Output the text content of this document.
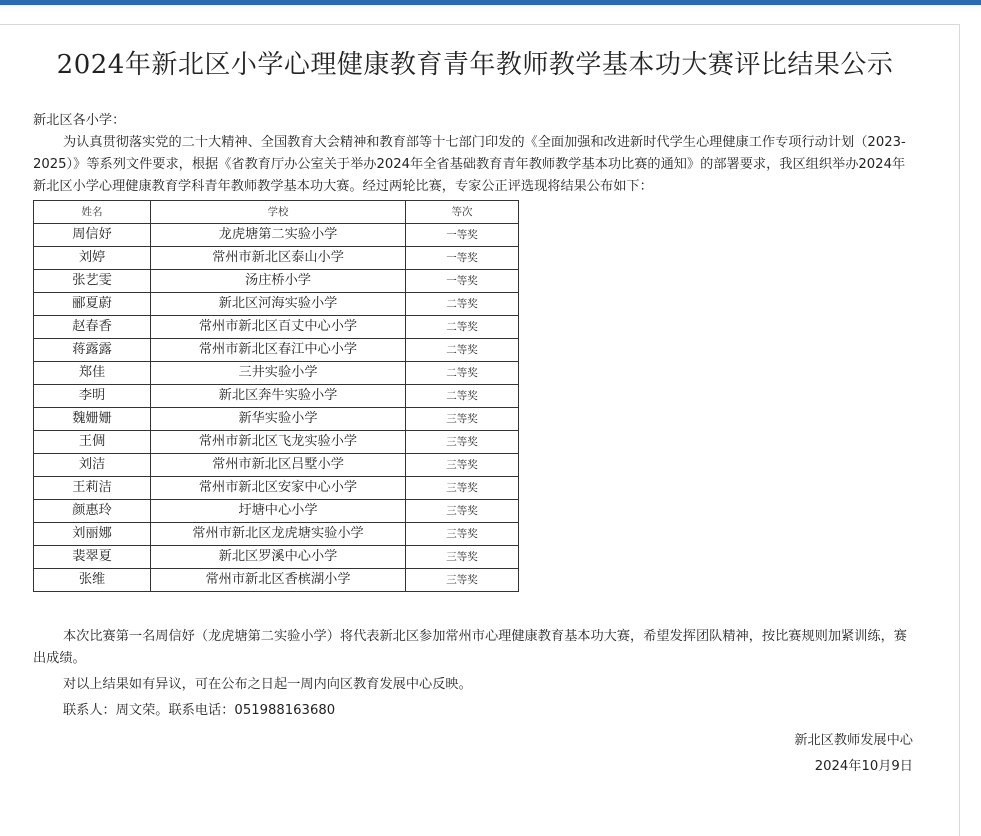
2024年新北区小学心理健康教育青年教师教学基本功大赛评比结果公示

新北区各小学：

为认真贯彻落实党的二十大精神、全国教育大会精神和教育部等十七部门印发的《全面加强和改进新时代学生心理健康工作专项行动计划（2023-2025）》等系列文件要求，根据《省教育厅办公室关于举办2024年全省基础教育青年教师教学基本功比赛的通知》的部署要求，我区组织举办2024年新北区小学心理健康教育学科青年教师教学基本功大赛。经过两轮比赛，专家公正评选现将结果公布如下：

姓名	学校	等次
周信妤	龙虎塘第二实验小学	一等奖
刘婷	常州市新北区泰山小学	一等奖
张艺雯	汤庄桥小学	一等奖
郦夏蔚	新北区河海实验小学	二等奖
赵春香	常州市新北区百丈中心小学	二等奖
蒋露露	常州市新北区春江中心小学	二等奖
郑佳	三井实验小学	二等奖
李明	新北区奔牛实验小学	二等奖
魏姗姗	新华实验小学	三等奖
王倜	常州市新北区飞龙实验小学	三等奖
刘洁	常州市新北区吕墅小学	三等奖
王莉洁	常州市新北区安家中心小学	三等奖
颜惠玲	圩塘中心小学	三等奖
刘丽娜	常州市新北区龙虎塘实验小学	三等奖
裴翠夏	新北区罗溪中心小学	三等奖
张维	常州市新北区香槟湖小学	三等奖

本次比赛第一名周信妤（龙虎塘第二实验小学）将代表新北区参加常州市心理健康教育基本功大赛，希望发挥团队精神，按比赛规则加紧训练，赛出成绩。

对以上结果如有异议，可在公布之日起一周内向区教育发展中心反映。

联系人：周文荣。联系电话：051988163680

新北区教师发展中心
2024年10月9日
